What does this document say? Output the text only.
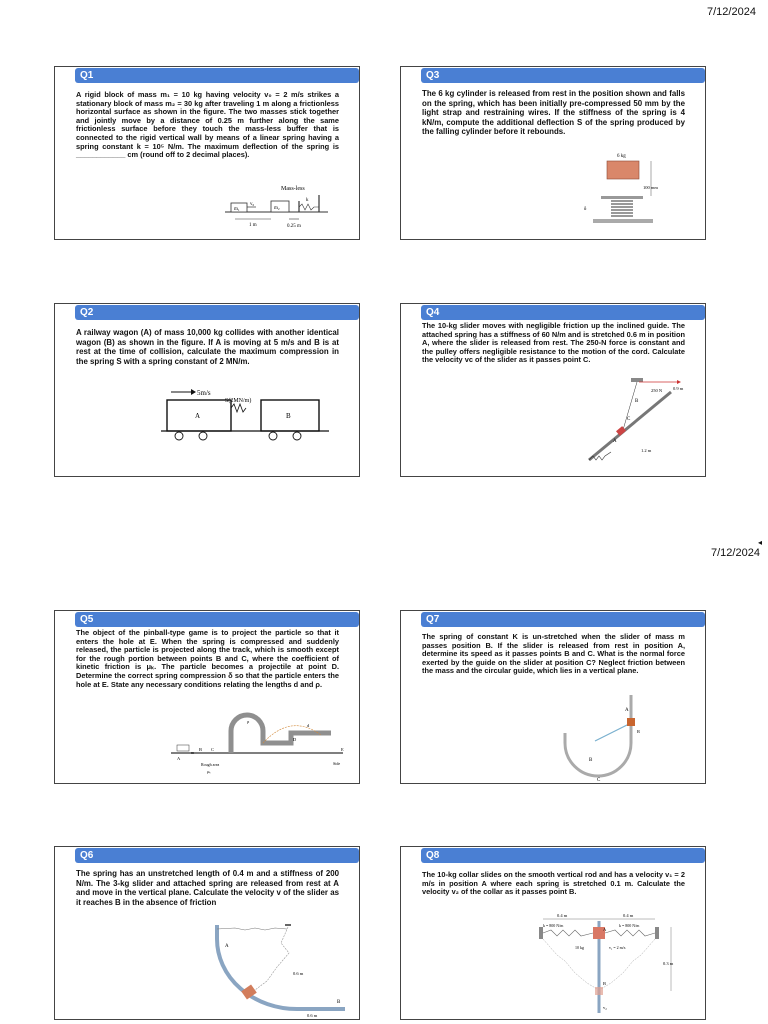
7/12/2024
7/12/2024
◂
Q1
A rigid block of mass m₁ = 10 kg having velocity v₀ = 2 m/s strikes a stationary block of mass m₂ = 30 kg after traveling 1 m along a frictionless horizontal surface as shown in the figure. The two masses stick together and jointly move by a distance of 0.25 m further along the same frictionless surface before they touch the mass-less buffer that is connected to the rigid vertical wall by means of a linear spring having a spring constant k = 10⁵ N/m. The maximum deflection of the spring is ____________ cm (round off to 2 decimal places).
m₁
v₀
m₂
k
Mass-less
1 m	0.25 m
Q3
The 6 kg cylinder is released from rest in the position shown and falls on the spring, which has been initially pre-compressed 50 mm by the light strap and restraining wires. If the stiffness of the spring is 4 kN/m, compute the additional deflection S of the spring produced by the falling cylinder before it rebounds.
6 kg
100 mm
δ
Q2
A railway wagon (A) of mass 10,000 kg collides with another identical wagon (B) as shown in the figure. If A is moving at 5 m/s and B is at rest at the time of collision, calculate the maximum compression in the spring S with a spring constant of 2 MN/m.
5m/s
A
S(2MN/m)
B
Q4
The 10-kg slider moves with negligible friction up the inclined guide. The attached spring has a stiffness of 60 N/m and is stretched 0.6 m in position A, where the slider is released from rest. The 250-N force is constant and the pulley offers negligible resistance to the motion of the cord. Calculate the velocity vc of the slider as it passes point C.
250 N
C
A
B
0.9 m
1.2 m
Q5
The object of the pinball-type game is to project the particle so that it enters the hole at E. When the spring is compressed and suddenly released, the particle is projected along the track, which is smooth except for the rough portion between points B and C, where the coefficient of kinetic friction is μₖ. The particle becomes a projectile at point D. Determine the correct spring compression δ so that the particle enters the hole at E. State any necessary conditions relating the lengths d and ρ.
m
A
B C
D
E
ρ
d
Rough area
μₖ
Side
Q7
The spring of constant K is un-stretched when the slider of mass m passes position B. If the slider is released from rest in position A, determine its speed as it passes points B and C. What is the normal force exerted by the guide on the slider at position C? Neglect friction between the mass and the circular guide, which lies in a vertical plane.
R
A
B
C
Q6
The spring has an unstretched length of 0.4 m and a stiffness of 200 N/m. The 3-kg slider and attached spring are released from rest at A and move in the vertical plane. Calculate the velocity v of the slider as it reaches B in the absence of friction
A
B
0.6 m
0.6 m
Q8
The 10-kg collar slides on the smooth vertical rod and has a velocity v₁ = 2 m/s in position A where each spring is stretched 0.1 m. Calculate the velocity v₂ of the collar as it passes point B.
0.4 m	0.4 m
k = 800 N/m	k = 800 N/m
10 kg	v₁ = 2 m/s
A
B
0.3 m
v₂
